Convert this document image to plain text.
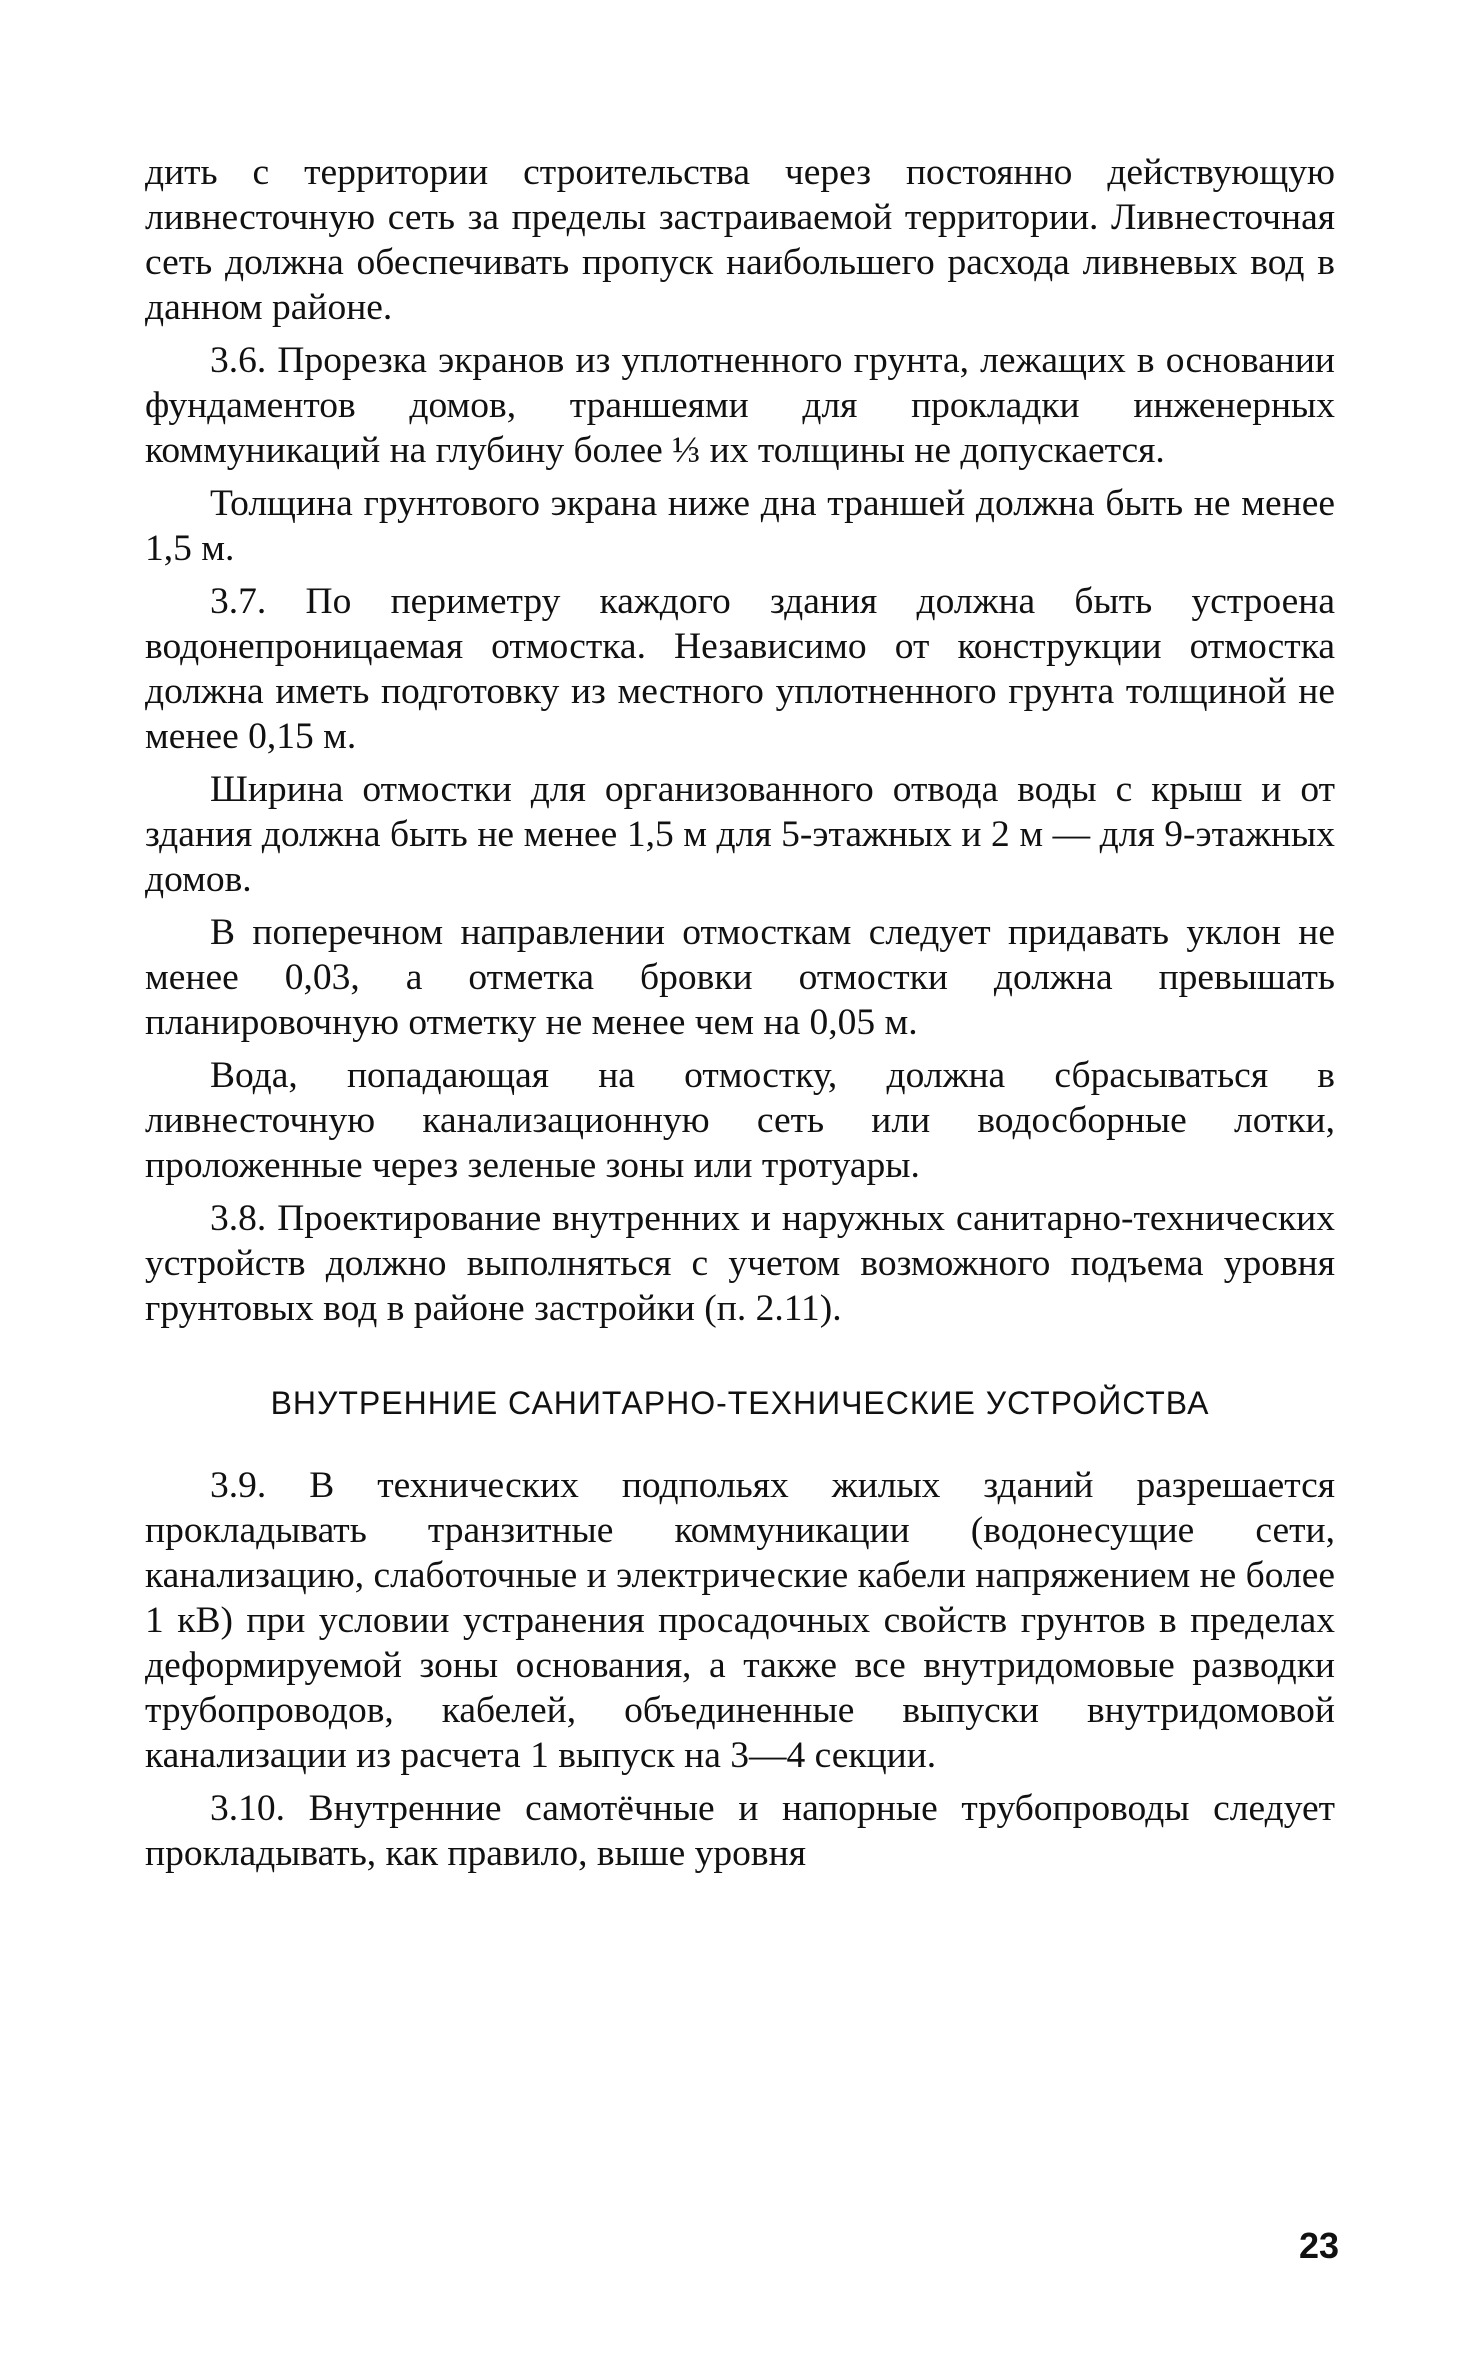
дить с территории строительства через постоянно действующую ливнесточную сеть за пределы застраиваемой территории. Ливнесточная сеть должна обеспечивать пропуск наибольшего расхода ливневых вод в данном районе.

3.6. Прорезка экранов из уплотненного грунта, лежащих в основании фундаментов домов, траншеями для прокладки инженерных коммуникаций на глубину более ⅓ их толщины не допускается.

Толщина грунтового экрана ниже дна траншей должна быть не менее 1,5 м.

3.7. По периметру каждого здания должна быть устроена водонепроницаемая отмостка. Независимо от конструкции отмостка должна иметь подготовку из местного уплотненного грунта толщиной не менее 0,15 м.

Ширина отмостки для организованного отвода воды с крыш и от здания должна быть не менее 1,5 м для 5-этажных и 2 м — для 9-этажных домов.

В поперечном направлении отмосткам следует придавать уклон не менее 0,03, а отметка бровки отмостки должна превышать планировочную отметку не менее чем на 0,05 м.

Вода, попадающая на отмостку, должна сбрасываться в ливнесточную канализационную сеть или водосборные лотки, проложенные через зеленые зоны или тротуары.

3.8. Проектирование внутренних и наружных санитарно-технических устройств должно выполняться с учетом возможного подъема уровня грунтовых вод в районе застройки (п. 2.11).

ВНУТРЕННИЕ САНИТАРНО-ТЕХНИЧЕСКИЕ УСТРОЙСТВА

3.9. В технических подпольях жилых зданий разрешается прокладывать транзитные коммуникации (водонесущие сети, канализацию, слаботочные и электрические кабели напряжением не более 1 кВ) при условии устранения просадочных свойств грунтов в пределах деформируемой зоны основания, а также все внутридомовые разводки трубопроводов, кабелей, объединенные выпуски внутридомовой канализации из расчета 1 выпуск на 3—4 секции.

3.10. Внутренние самотёчные и напорные трубопроводы следует прокладывать, как правило, выше уровня

23
